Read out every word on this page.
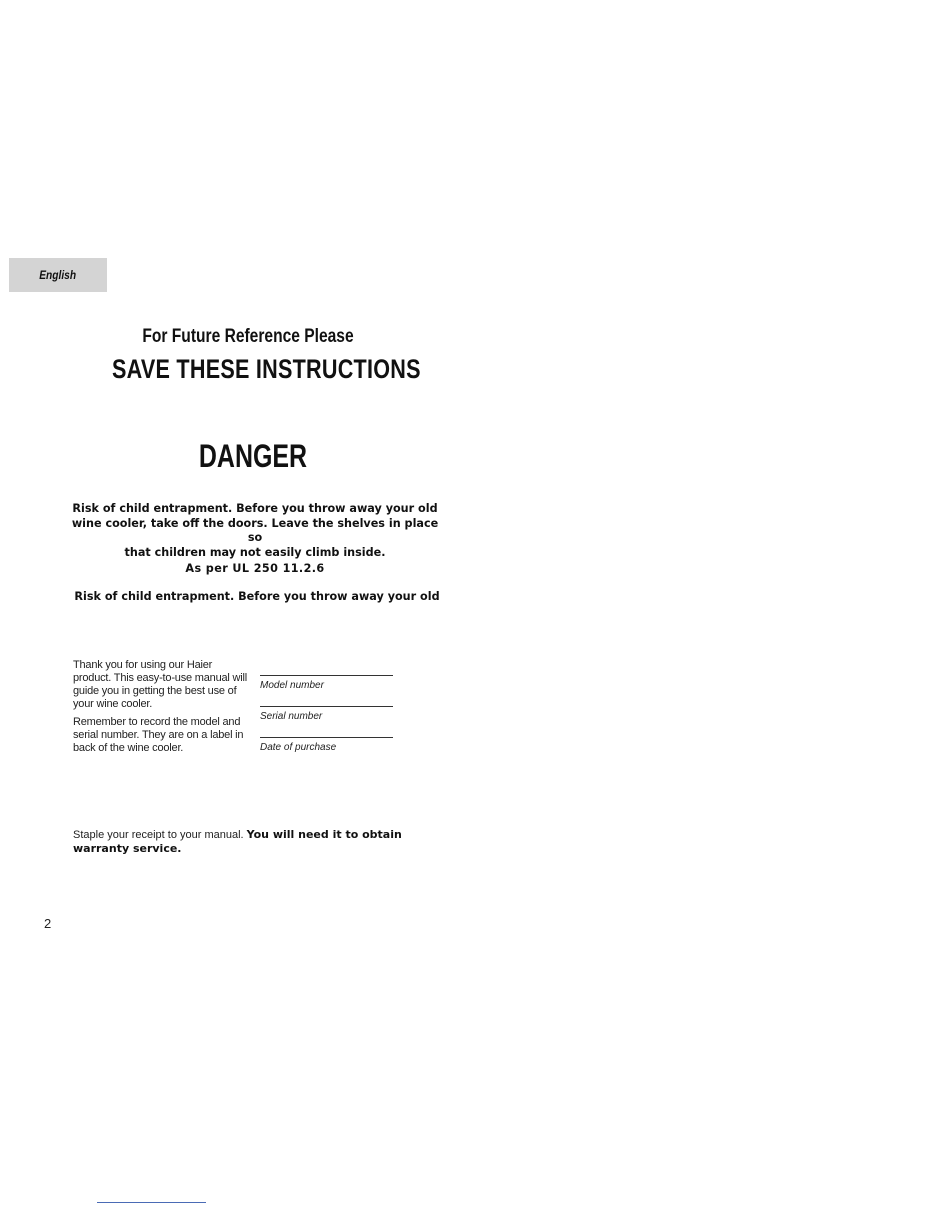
English
For Future Reference Please
SAVE THESE INSTRUCTIONS
DANGER
Risk of child entrapment. Before you throw away your old
wine cooler, take off the doors. Leave the shelves in place so
that children may not easily climb inside.
As per UL 250 11.2.6
Risk of child entrapment. Before you throw away your old

Thank you for using our Haier product. This easy-to-use manual will guide you in getting the best use of your wine cooler.

Remember to record the model and serial number. They are on a label in back of the wine cooler.

Model number
Serial number
Date of purchase
Staple your receipt to your manual. You will need it to obtain warranty service.
2
